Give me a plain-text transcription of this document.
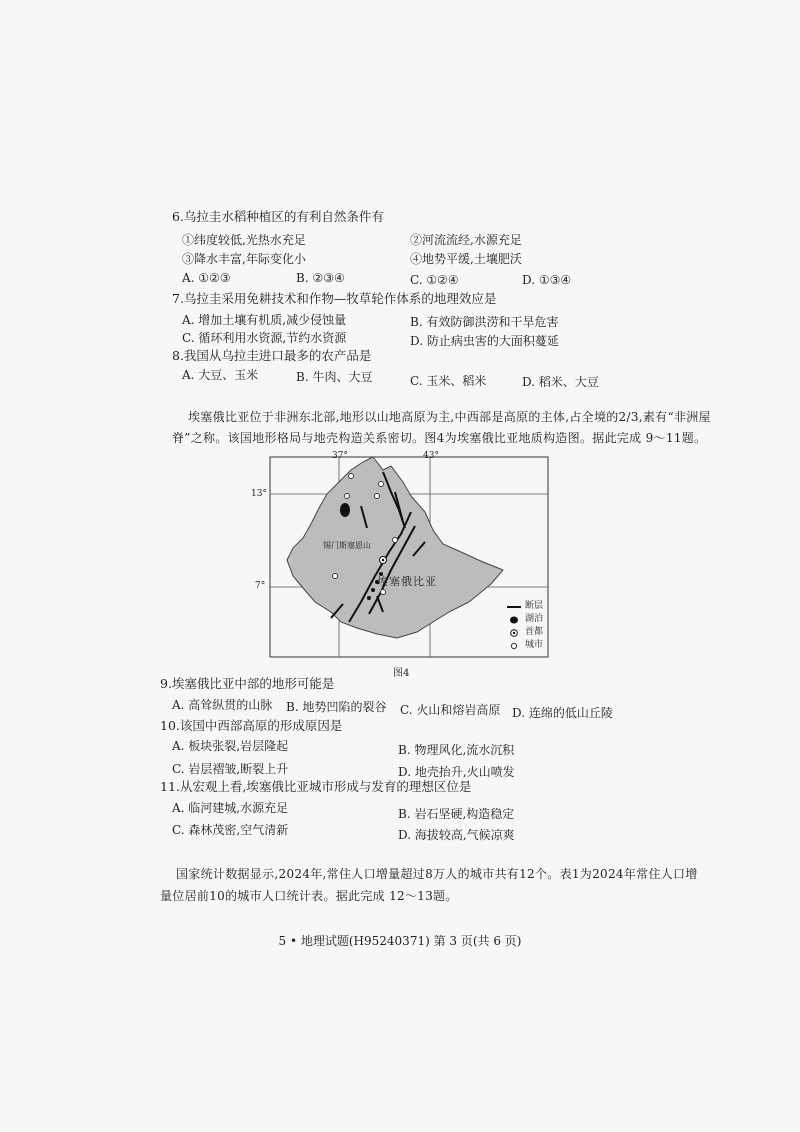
6.乌拉圭水稻种植区的有利自然条件有
①纬度较低,光热水充足	②河流流经,水源充足
③降水丰富,年际变化小	④地势平缓,土壤肥沃
A. ①②③	B. ②③④	C. ①②④	D. ①③④
7.乌拉圭采用免耕技术和作物—牧草轮作体系的地理效应是
A. 增加土壤有机质,减少侵蚀量	B. 有效防御洪涝和干旱危害
C. 循环利用水资源,节约水资源	D. 防止病虫害的大面积蔓延
8.我国从乌拉圭进口最多的农产品是
A. 大豆、玉米	B. 牛肉、大豆	C. 玉米、稻米	D. 稻米、大豆
埃塞俄比亚位于非洲东北部,地形以山地高原为主,中西部是高原的主体,占全境的2/3,素有“非洲屋
脊”之称。该国地形格局与地壳构造关系密切。图4为埃塞俄比亚地质构造图。据此完成 9～11题。
37°	43°
13°
7°
锡门斯塞恩山
埃塞俄比亚
断层
湖泊
首都
城市
图4
9.埃塞俄比亚中部的地形可能是
A. 高耸纵贯的山脉 B. 地势凹陷的裂谷 C. 火山和熔岩高原 D. 连绵的低山丘陵
10.该国中西部高原的形成原因是
A. 板块张裂,岩层隆起	B. 物理风化,流水沉积
C. 岩层褶皱,断裂上升	D. 地壳抬升,火山喷发
11.从宏观上看,埃塞俄比亚城市形成与发育的理想区位是
A. 临河建城,水源充足	B. 岩石坚硬,构造稳定
C. 森林茂密,空气清新	D. 海拔较高,气候凉爽
国家统计数据显示,2024年,常住人口增量超过8万人的城市共有12个。表1为2024年常住人口增
量位居前10的城市人口统计表。据此完成 12～13题。
5 • 地理试题(H95240371) 第 3 页(共 6 页)
